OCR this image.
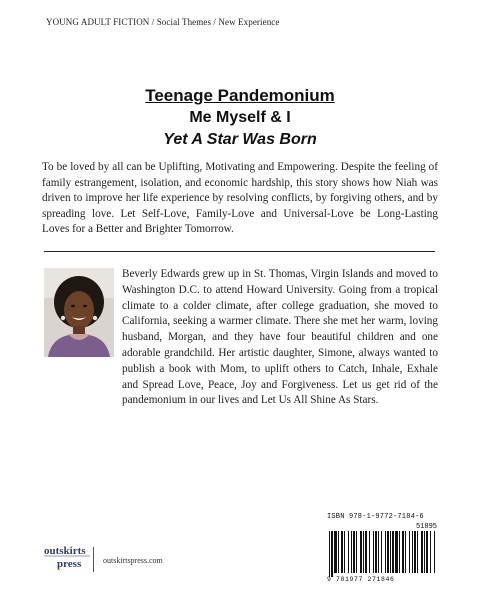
YOUNG ADULT FICTION / Social Themes / New Experience
Teenage Pandemonium
Me Myself & I
Yet A Star Was Born
To be loved by all can be Uplifting, Motivating and Empowering. Despite the feeling of family estrangement, isolation, and economic hardship, this story shows how Niah was driven to improve her life experience by resolving conflicts, by forgiving others, and by spreading love. Let Self-Love, Family-Love and Universal-Love be Long-Lasting Loves for a Better and Brighter Tomorrow.
Beverly Edwards grew up in St. Thomas, Virgin Islands and moved to Washington D.C. to attend Howard University. Going from a tropical climate to a colder climate, after college graduation, she moved to California, seeking a warmer climate. There she met her warm, loving husband, Morgan, and they have four beautiful children and one adorable grandchild. Her artistic daughter, Simone, always wanted to publish a book with Mom, to uplift others to Catch, Inhale, Exhale and Spread Love, Peace, Joy and Forgiveness. Let us get rid of the pandemonium in our lives and Let Us All Shine As Stars.
ISBN 978-1-9772-7184-6
51895
9 781977 271846
outskirts
press	outskirtspress.com
